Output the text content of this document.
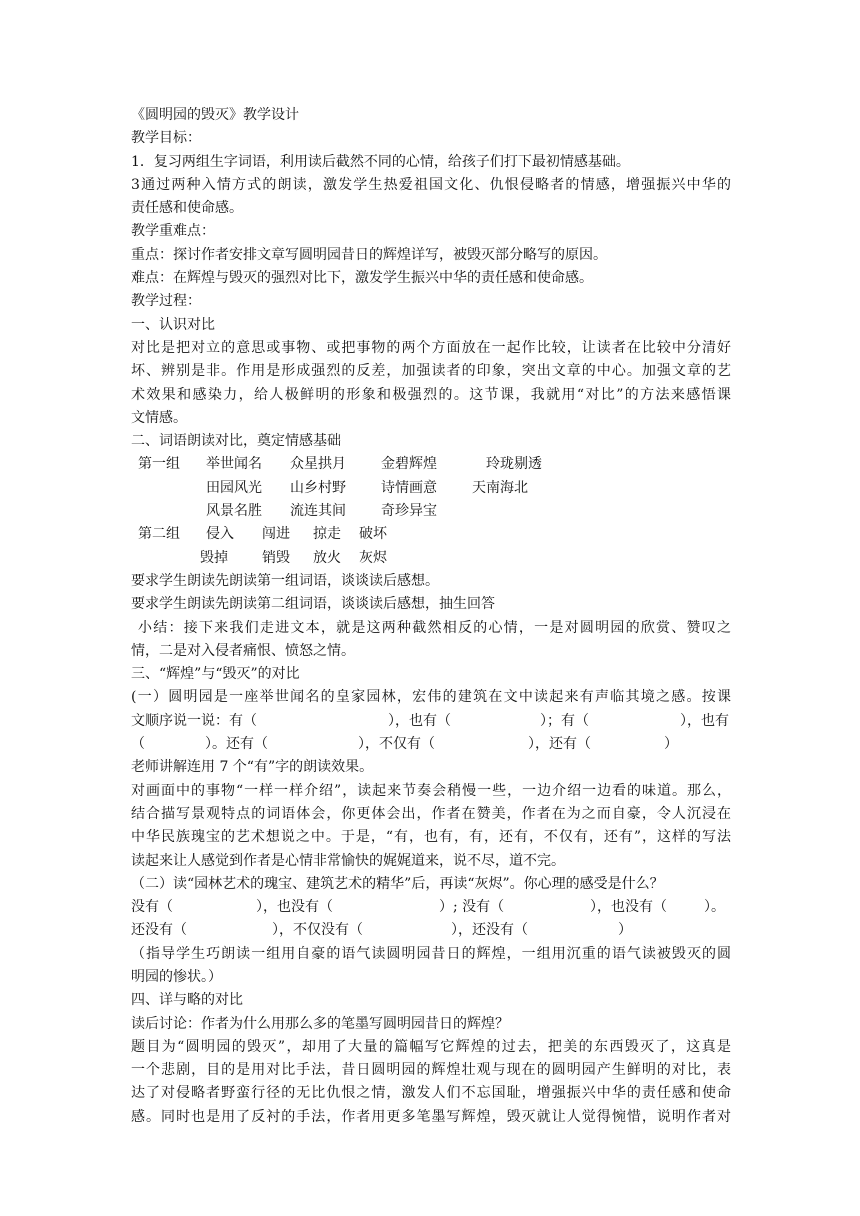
《圆明园的毁灭》教学设计
教学目标：
1．复习两组生字词语，利用读后截然不同的心情，给孩子们打下最初情感基础。
3通过两种入情方式的朗读，激发学生热爱祖国文化、仇恨侵略者的情感，增强振兴中华的
责任感和使命感。
教学重难点：
重点：探讨作者安排文章写圆明园昔日的辉煌详写，被毁灭部分略写的原因。
难点：在辉煌与毁灭的强烈对比下，激发学生振兴中华的责任感和使命感。
教学过程：
一、认识对比
对比是把对立的意思或事物、或把事物的两个方面放在一起作比较，让读者在比较中分清好
坏、辨别是非。作用是形成强烈的反差，加强读者的印象，突出文章的中心。加强文章的艺
术效果和感染力，给人极鲜明的形象和极强烈的。这节课，我就用“对比”的方法来感悟课
文情感。
二、词语朗读对比，奠定情感基础
第一组 举世闻名 众星拱月	金碧辉煌	玲珑剔透
田园风光 山乡村野	诗情画意	天南海北
风景名胜 流连其间	奇珍异宝
第二组 侵入 闯进 掠走 破坏
毁掉 销毁 放火 灰烬
要求学生朗读先朗读第一组词语，谈谈读后感想。
要求学生朗读先朗读第二组词语，谈谈读后感想，抽生回答
小结：接下来我们走进文本，就是这两种截然相反的心情，一是对圆明园的欣赏、赞叹之
情，二是对入侵者痛恨、愤怒之情。
三、“辉煌”与“毁灭”的对比
(一）圆明园是一座举世闻名的皇家园林，宏伟的建筑在文中读起来有声临其境之感。按课
文顺序说一说：有（	），也有（	）；有（	），也有
（	）。还有（	），不仅有（	），还有（	）
老师讲解连用 7 个“有”字的朗读效果。
对画面中的事物“一样一样介绍”，读起来节奏会稍慢一些，一边介绍一边看的味道。那么，
结合描写景观特点的词语体会，你更体会出，作者在赞美，作者在为之而自豪，令人沉浸在
中华民族瑰宝的艺术想说之中。于是，“有，也有，有，还有，不仅有，还有”，这样的写法
读起来让人感觉到作者是心情非常愉快的娓娓道来，说不尽，道不完。
（二）读“园林艺术的瑰宝、建筑艺术的精华”后，再读“灰烬”。你心理的感受是什么？
没有（	），也没有（	）; 没有（	），也没有（	）。
还没有（	），不仅没有（	），还没有（	）
（指导学生巧朗读一组用自豪的语气读圆明园昔日的辉煌，一组用沉重的语气读被毁灭的圆
明园的惨状。）
四、详与略的对比
读后讨论：作者为什么用那么多的笔墨写圆明园昔日的辉煌？
题目为“圆明园的毁灭”，却用了大量的篇幅写它辉煌的过去，把美的东西毁灭了，这真是
一个悲剧，目的是用对比手法，昔日圆明园的辉煌壮观与现在的圆明园产生鲜明的对比，表
达了对侵略者野蛮行径的无比仇恨之情，激发人们不忘国耻，增强振兴中华的责任感和使命
感。同时也是用了反衬的手法，作者用更多笔墨写辉煌，毁灭就让人觉得惋惜，说明作者对
